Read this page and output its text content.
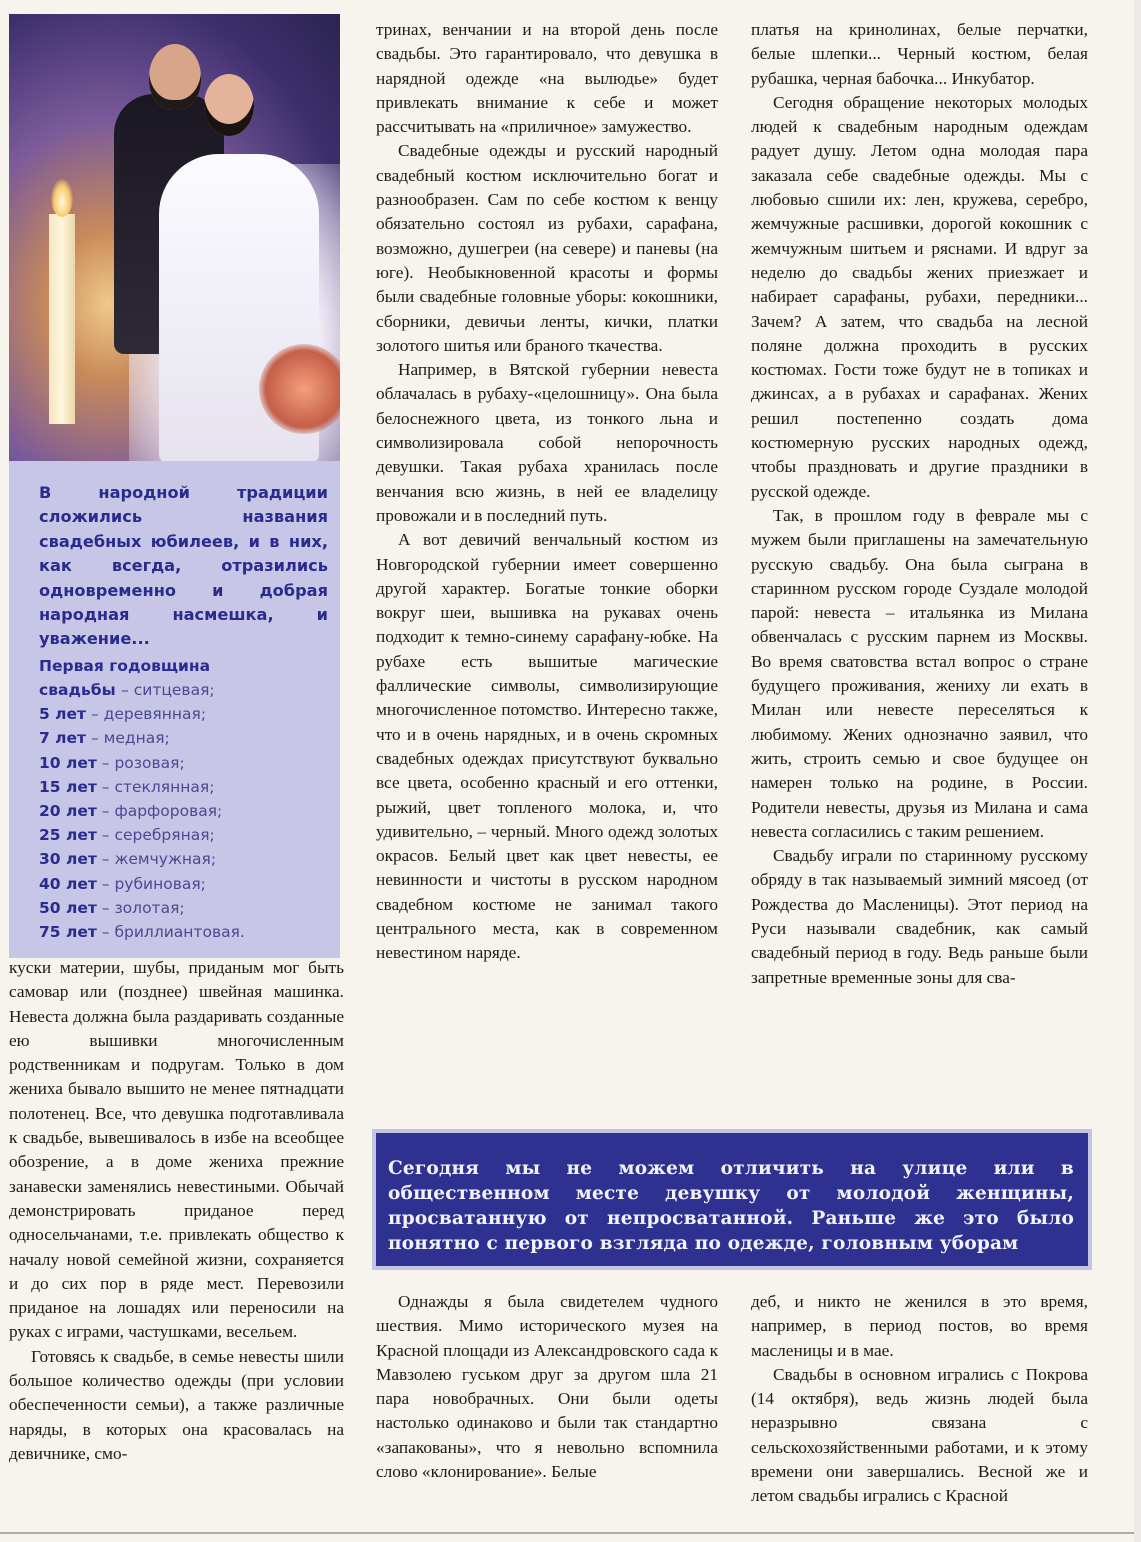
В народной традиции сложились названия свадебных юбилеев, и в них, как всегда, отразились одновременно и добрая народная насмешка, и уважение...
Первая годовщина свадьбы – ситцевая;
5 лет – деревянная;
7 лет – медная;
10 лет – розовая;
15 лет – стеклянная;
20 лет – фарфоровая;
25 лет – серебряная;
30 лет – жемчужная;
40 лет – рубиновая;
50 лет – золотая;
75 лет – бриллиантовая.

куски материи, шубы, приданым мог быть самовар или (позднее) швейная машинка. Невеста должна была раздаривать созданные ею вышивки многочисленным родственникам и подругам. Только в дом жениха бывало вышито не менее пятнадцати полотенец. Все, что девушка подготавливала к свадьбе, вывешивалось в избе на всеобщее обозрение, а в доме жениха прежние занавески заменялись невестиными. Обычай демонстрировать приданое перед односельчанами, т.е. привлекать общество к началу новой семейной жизни, сохраняется и до сих пор в ряде мест. Перевозили приданое на лошадях или переносили на руках с играми, частушками, весельем.

Готовясь к свадьбе, в семье невесты шили большое количество одежды (при условии обеспеченности семьи), а также различные наряды, в которых она красовалась на девичнике, смо-

тринах, венчании и на второй день после свадьбы. Это гарантировало, что девушка в нарядной одежде «на вылюдье» будет привлекать внимание к себе и может рассчитывать на «приличное» замужество.

Свадебные одежды и русский народный свадебный костюм исключительно богат и разнообразен. Сам по себе костюм к венцу обязательно состоял из рубахи, сарафана, возможно, душегреи (на севере) и паневы (на юге). Необыкновенной красоты и формы были свадебные головные уборы: кокошники, сборники, девичьи ленты, кички, платки золотого шитья или браного ткачества.

Например, в Вятской губернии невеста облачалась в рубаху-«целошницу». Она была белоснежного цвета, из тонкого льна и символизировала собой непорочность девушки. Такая рубаха хранилась после венчания всю жизнь, в ней ее владелицу провожали и в последний путь.

А вот девичий венчальный костюм из Новгородской губернии имеет совершенно другой характер. Богатые тонкие оборки вокруг шеи, вышивка на рукавах очень подходит к темно-синему сарафану-юбке. На рубахе есть вышитые магические фаллические символы, символизирующие многочисленное потомство. Интересно также, что и в очень нарядных, и в очень скромных свадебных одеждах присутствуют буквально все цвета, особенно красный и его оттенки, рыжий, цвет топленого молока, и, что удивительно, – черный. Много одежд золотых окрасов. Белый цвет как цвет невесты, ее невинности и чистоты в русском народном свадебном костюме не занимал такого центрального места, как в современном невестином наряде.

платья на кринолинах, белые перчатки, белые шлепки... Черный костюм, белая рубашка, черная бабочка... Инкубатор.

Сегодня обращение некоторых молодых людей к свадебным народным одеждам радует душу. Летом одна молодая пара заказала себе свадебные одежды. Мы с любовью сшили их: лен, кружева, серебро, жемчужные расшивки, дорогой кокошник с жемчужным шитьем и ряснами. И вдруг за неделю до свадьбы жених приезжает и набирает сарафаны, рубахи, передники... Зачем? А затем, что свадьба на лесной поляне должна проходить в русских костюмах. Гости тоже будут не в топиках и джинсах, а в рубахах и сарафанах. Жених решил постепенно создать дома костюмерную русских народных одежд, чтобы праздновать и другие праздники в русской одежде.

Так, в прошлом году в феврале мы с мужем были приглашены на замечательную русскую свадьбу. Она была сыграна в старинном русском городе Суздале молодой парой: невеста – итальянка из Милана обвенчалась с русским парнем из Москвы. Во время сватовства встал вопрос о стране будущего проживания, жениху ли ехать в Милан или невесте переселяться к любимому. Жених однозначно заявил, что жить, строить семью и свое будущее он намерен только на родине, в России. Родители невесты, друзья из Милана и сама невеста согласились с таким решением.

Свадьбу играли по старинному русскому обряду в так называемый зимний мясоед (от Рождества до Масленицы). Этот период на Руси называли свадебник, как самый свадебный период в году. Ведь раньше были запретные временные зоны для сва-

Сегодня мы не можем отличить на улице или в общественном месте девушку от молодой женщины, просватанную от непросватанной. Раньше же это было понятно с первого взгляда по одежде, головным уборам

Однажды я была свидетелем чудного шествия. Мимо исторического музея на Красной площади из Александровского сада к Мавзолею гуськом друг за другом шла 21 пара новобрачных. Они были одеты настолько одинаково и были так стандартно «запакованы», что я невольно вспомнила слово «клонирование». Белые

деб, и никто не женился в это время, например, в период постов, во время масленицы и в мае.

Свадьбы в основном игрались с Покрова (14 октября), ведь жизнь людей была неразрывно связана с сельскохозяйственными работами, и к этому времени они завершались. Весной же и летом свадьбы игрались с Красной
